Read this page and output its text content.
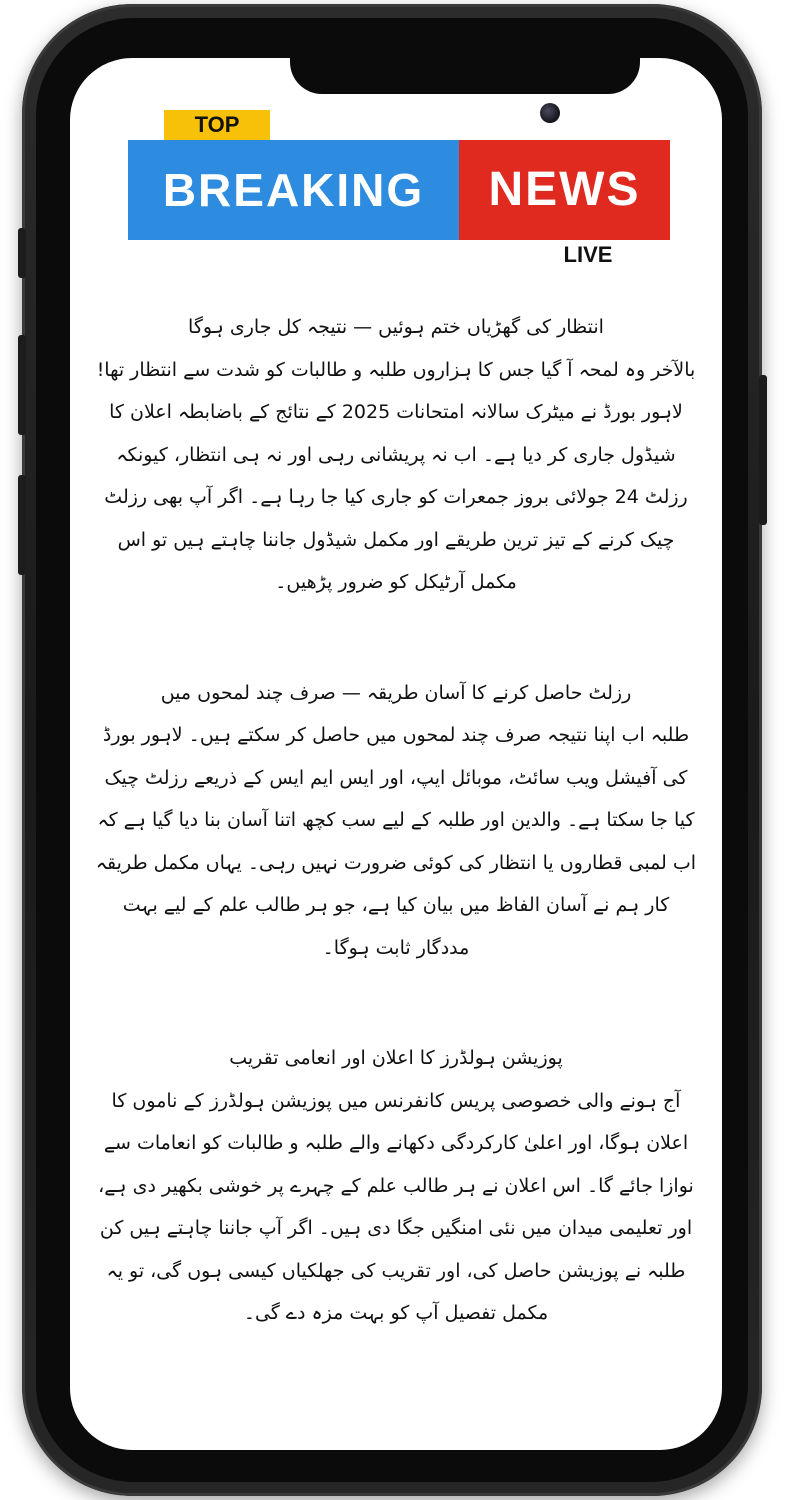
BREAKING	NEWS
TOP
LIVE
انتظار کی گھڑیاں ختم ہوئیں — نتیجہ کل جاری ہوگا
بالآخر وہ لمحہ آ گیا جس کا ہزاروں طلبہ و طالبات کو شدت سے انتظار تھا! لاہور بورڈ نے میٹرک سالانہ امتحانات 2025 کے نتائج کے باضابطہ اعلان کا شیڈول جاری کر دیا ہے۔ اب نہ پریشانی رہی اور نہ ہی انتظار، کیونکہ رزلٹ 24 جولائی بروز جمعرات کو جاری کیا جا رہا ہے۔ اگر آپ بھی رزلٹ چیک کرنے کے تیز ترین طریقے اور مکمل شیڈول جاننا چاہتے ہیں تو اس مکمل آرٹیکل کو ضرور پڑھیں۔
رزلٹ حاصل کرنے کا آسان طریقہ — صرف چند لمحوں میں
طلبہ اب اپنا نتیجہ صرف چند لمحوں میں حاصل کر سکتے ہیں۔ لاہور بورڈ کی آفیشل ویب سائٹ، موبائل ایپ، اور ایس ایم ایس کے ذریعے رزلٹ چیک کیا جا سکتا ہے۔ والدین اور طلبہ کے لیے سب کچھ اتنا آسان بنا دیا گیا ہے کہ اب لمبی قطاروں یا انتظار کی کوئی ضرورت نہیں رہی۔ یہاں مکمل طریقہ کار ہم نے آسان الفاظ میں بیان کیا ہے، جو ہر طالب علم کے لیے بہت مددگار ثابت ہوگا۔
پوزیشن ہولڈرز کا اعلان اور انعامی تقریب
آج ہونے والی خصوصی پریس کانفرنس میں پوزیشن ہولڈرز کے ناموں کا اعلان ہوگا، اور اعلیٰ کارکردگی دکھانے والے طلبہ و طالبات کو انعامات سے نوازا جائے گا۔ اس اعلان نے ہر طالب علم کے چہرے پر خوشی بکھیر دی ہے، اور تعلیمی میدان میں نئی امنگیں جگا دی ہیں۔ اگر آپ جاننا چاہتے ہیں کن طلبہ نے پوزیشن حاصل کی، اور تقریب کی جھلکیاں کیسی ہوں گی، تو یہ مکمل تفصیل آپ کو بہت مزہ دے گی۔
